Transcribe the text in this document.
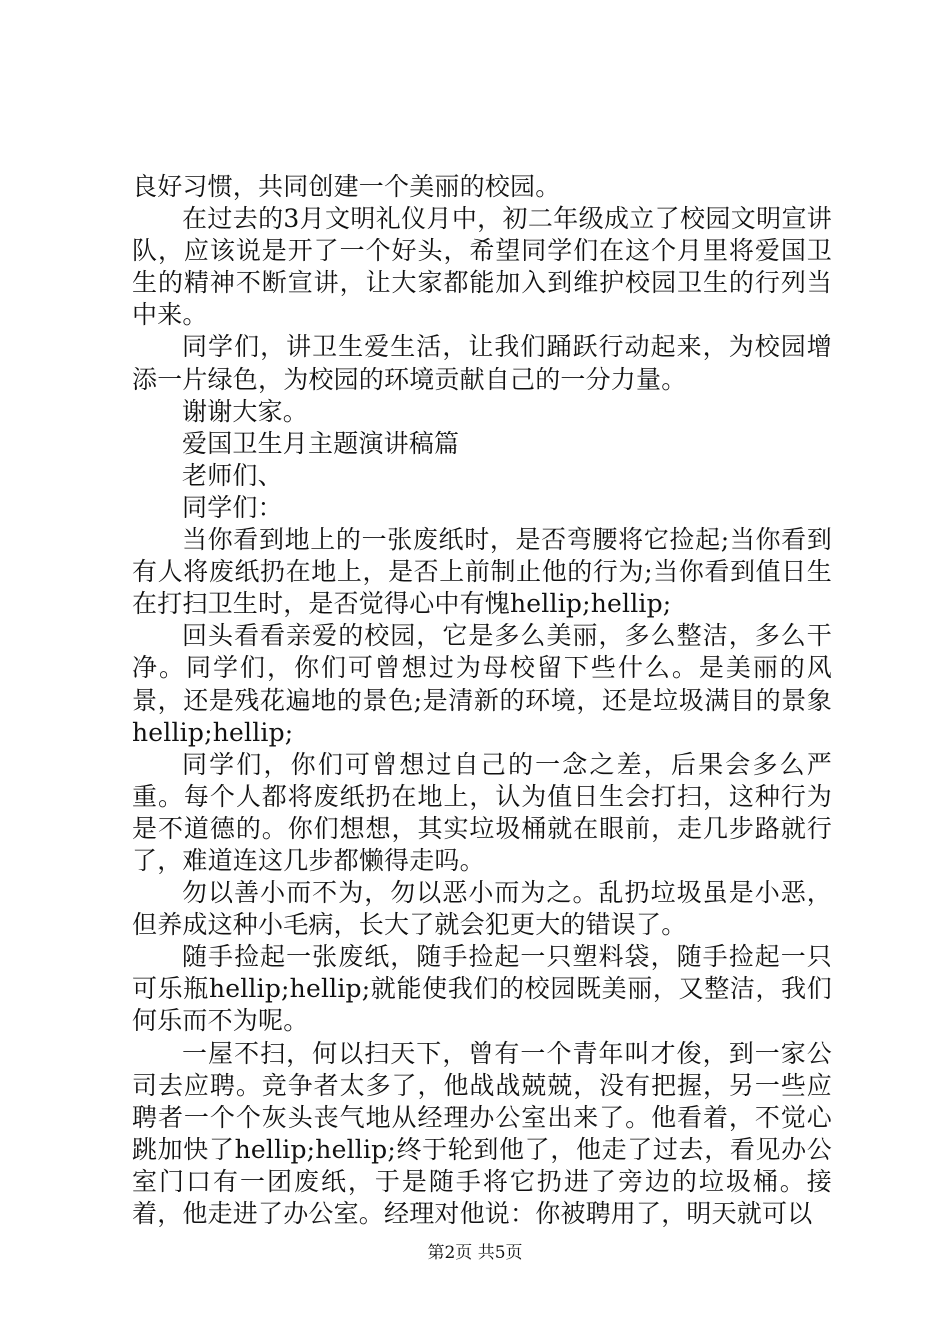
良好习惯，共同创建一个美丽的校园。

在过去的3月文明礼仪月中，初二年级成立了校园文明宣讲队，应该说是开了一个好头，希望同学们在这个月里将爱国卫生的精神不断宣讲，让大家都能加入到维护校园卫生的行列当中来。

同学们，讲卫生爱生活，让我们踊跃行动起来，为校园增添一片绿色，为校园的环境贡献自己的一分力量。

谢谢大家。

爱国卫生月主题演讲稿篇

老师们、

同学们：

当你看到地上的一张废纸时，是否弯腰将它捡起;当你看到有人将废纸扔在地上，是否上前制止他的行为;当你看到值日生在打扫卫生时，是否觉得心中有愧hellip;hellip;

回头看看亲爱的校园，它是多么美丽，多么整洁，多么干净。同学们，你们可曾想过为母校留下些什么。是美丽的风景，还是残花遍地的景色;是清新的环境，还是垃圾满目的景象hellip;hellip;

同学们，你们可曾想过自己的一念之差，后果会多么严重。每个人都将废纸扔在地上，认为值日生会打扫，这种行为是不道德的。你们想想，其实垃圾桶就在眼前，走几步路就行了，难道连这几步都懒得走吗。

勿以善小而不为，勿以恶小而为之。乱扔垃圾虽是小恶，但养成这种小毛病，长大了就会犯更大的错误了。

随手捡起一张废纸，随手捡起一只塑料袋，随手捡起一只可乐瓶hellip;hellip;就能使我们的校园既美丽，又整洁，我们何乐而不为呢。

一屋不扫，何以扫天下，曾有一个青年叫才俊，到一家公司去应聘。竞争者太多了，他战战兢兢，没有把握，另一些应聘者一个个灰头丧气地从经理办公室出来了。他看着，不觉心跳加快了hellip;hellip;终于轮到他了，他走了过去，看见办公室门口有一团废纸，于是随手将它扔进了旁边的垃圾桶。接着，他走进了办公室。经理对他说：你被聘用了，明天就可以

第2页 共5页
